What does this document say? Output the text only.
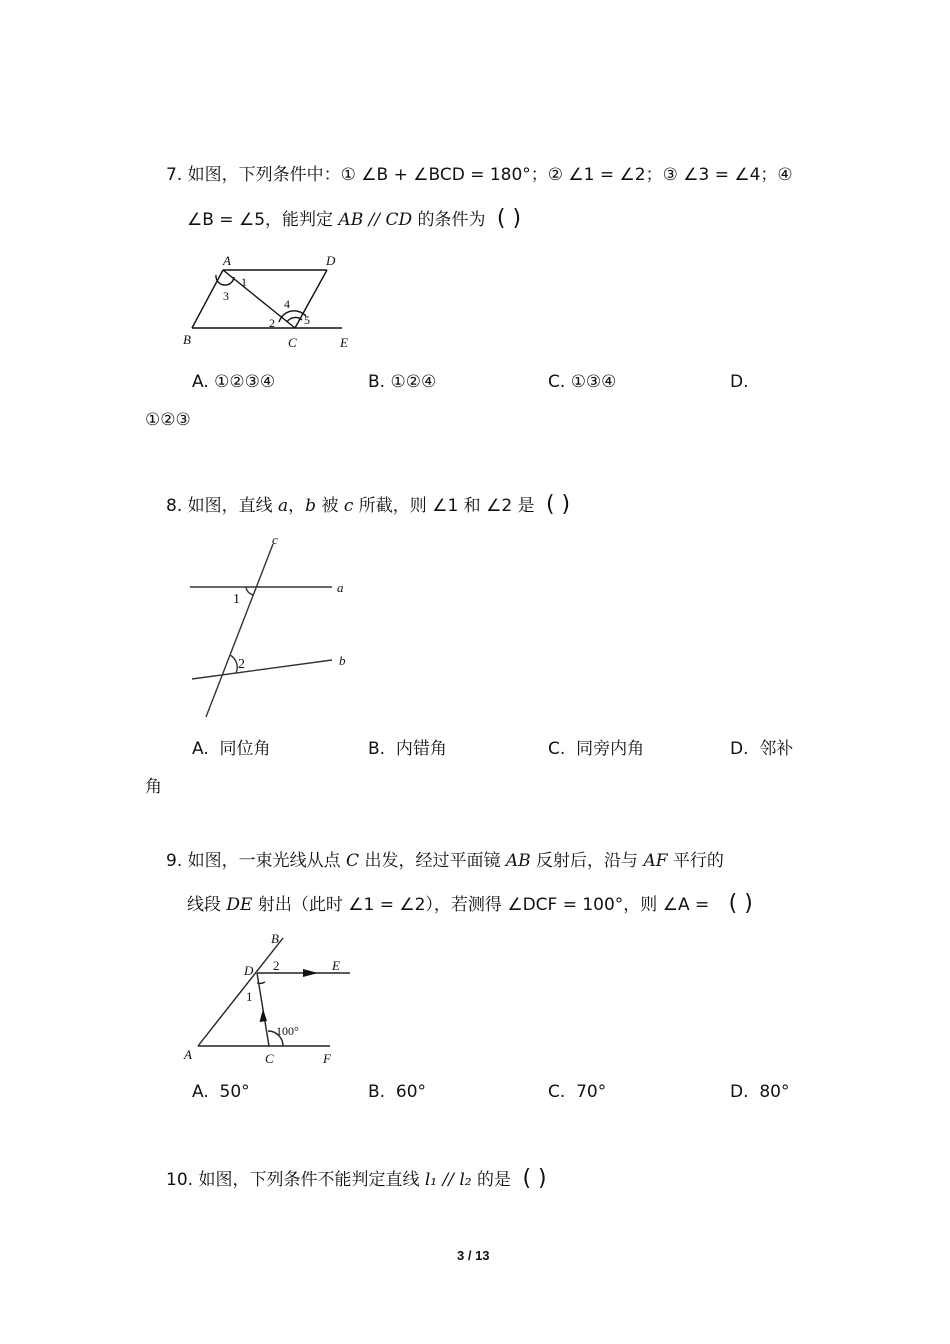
7. 如图，下列条件中：① ∠B + ∠BCD = 180°；② ∠1 = ∠2；③ ∠3 = ∠4；④
∠B = ∠5，能判定 AB // CD 的条件为 ( )
A	D
1
3
4
2 5
B	C	E
A. ①②③④	B. ①②④	C. ①③④	D.
①②③
8. 如图，直线 a，b 被 c 所截，则 ∠1 和 ∠2 是 ( )
c
a
1
2	b
A. 同位角	B. 内错角	C. 同旁内角	D. 邻补
角
9. 如图，一束光线从点 C 出发，经过平面镜 AB 反射后，沿与 AF 平行的
线段 DE 射出（此时 ∠1 = ∠2），若测得 ∠DCF = 100°，则 ∠A = ( )
B
D 2	E
1
100°
A	C	F
A. 50°	B. 60°	C. 70°	D. 80°
10. 如图，下列条件不能判定直线 l₁ // l₂ 的是 ( )
3 / 13
